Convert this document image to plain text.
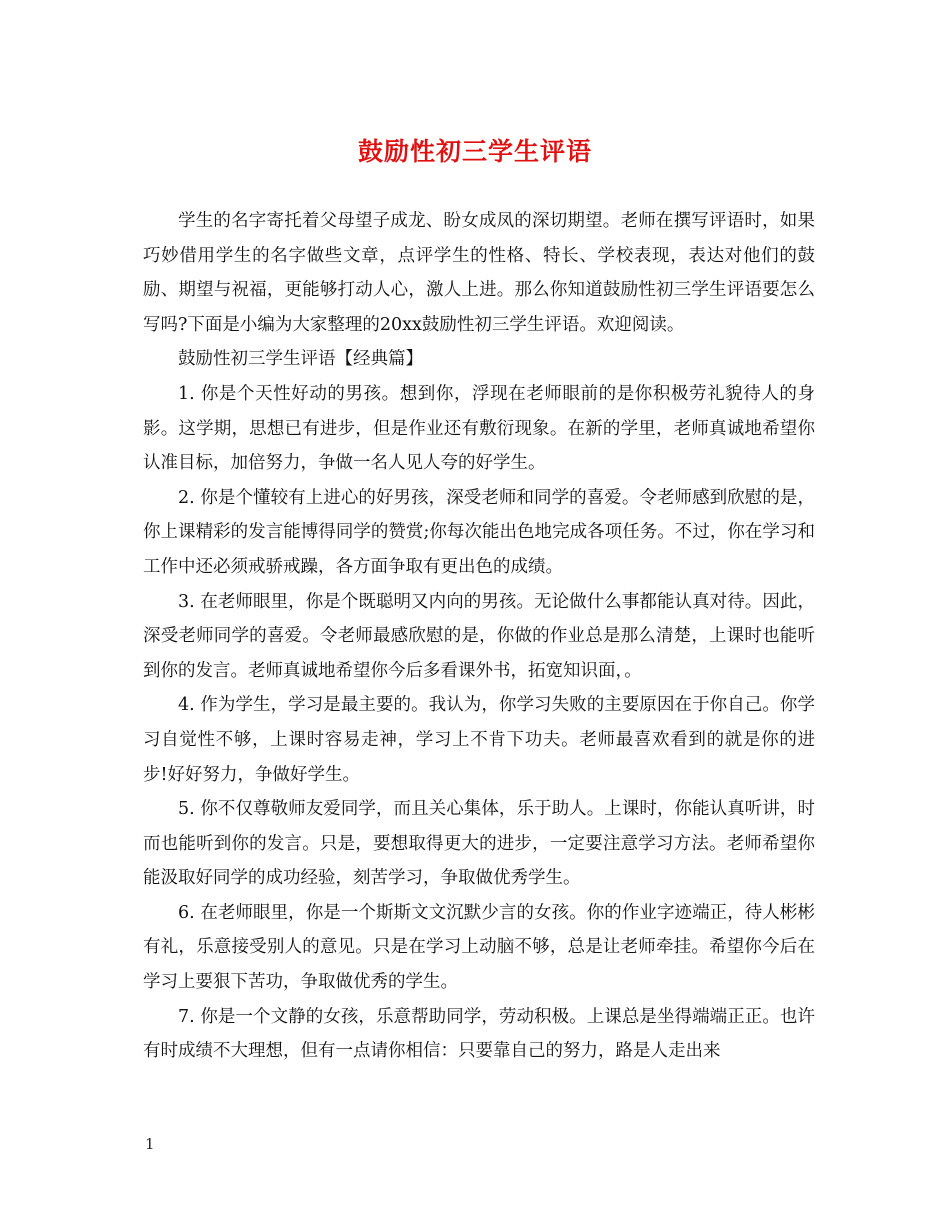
鼓励性初三学生评语

学生的名字寄托着父母望子成龙、盼女成凤的深切期望。老师在撰写评语时，如果巧妙借用学生的名字做些文章，点评学生的性格、特长、学校表现，表达对他们的鼓励、期望与祝福，更能够打动人心，激人上进。那么你知道鼓励性初三学生评语要怎么写吗?下面是小编为大家整理的20xx鼓励性初三学生评语。欢迎阅读。

鼓励性初三学生评语【经典篇】

1. 你是个天性好动的男孩。想到你，浮现在老师眼前的是你积极劳礼貌待人的身影。这学期，思想已有进步，但是作业还有敷衍现象。在新的学里，老师真诚地希望你认准目标，加倍努力，争做一名人见人夸的好学生。

2. 你是个懂较有上进心的好男孩，深受老师和同学的喜爱。令老师感到欣慰的是，你上课精彩的发言能博得同学的赞赏;你每次能出色地完成各项任务。不过，你在学习和工作中还必须戒骄戒躁，各方面争取有更出色的成绩。

3. 在老师眼里，你是个既聪明又内向的男孩。无论做什么事都能认真对待。因此，深受老师同学的喜爱。令老师最感欣慰的是，你做的作业总是那么清楚，上课时也能听到你的发言。老师真诚地希望你今后多看课外书，拓宽知识面，。

4. 作为学生，学习是最主要的。我认为，你学习失败的主要原因在于你自己。你学习自觉性不够，上课时容易走神，学习上不肯下功夫。老师最喜欢看到的就是你的进步!好好努力，争做好学生。

5. 你不仅尊敬师友爱同学，而且关心集体，乐于助人。上课时，你能认真听讲，时而也能听到你的发言。只是，要想取得更大的进步，一定要注意学习方法。老师希望你能汲取好同学的成功经验，刻苦学习，争取做优秀学生。

6. 在老师眼里，你是一个斯斯文文沉默少言的女孩。你的作业字迹端正，待人彬彬有礼，乐意接受别人的意见。只是在学习上动脑不够，总是让老师牵挂。希望你今后在学习上要狠下苦功，争取做优秀的学生。

7. 你是一个文静的女孩，乐意帮助同学，劳动积极。上课总是坐得端端正正。也许有时成绩不大理想，但有一点请你相信：只要靠自己的努力，路是人走出来

1
